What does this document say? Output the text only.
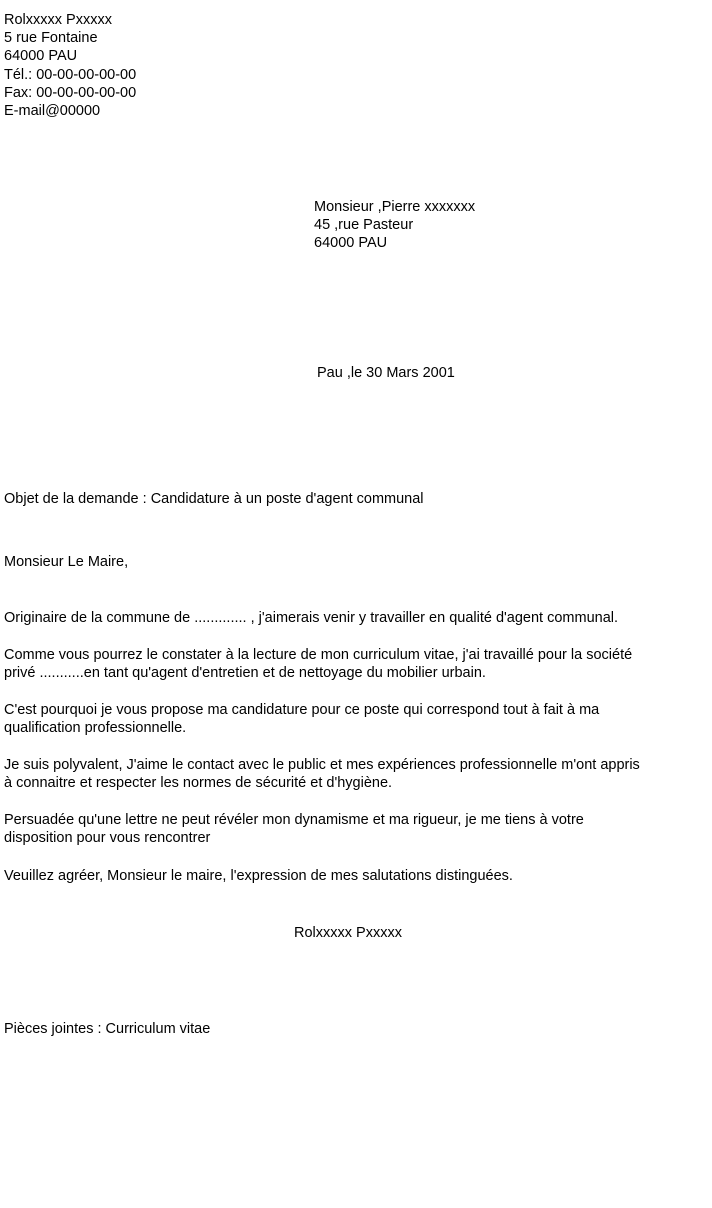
Rolxxxxx Pxxxxx
5 rue Fontaine
64000 PAU
Tél.: 00-00-00-00-00
Fax: 00-00-00-00-00
E-mail@00000
Monsieur ,Pierre xxxxxxx
45 ,rue Pasteur
64000 PAU
Pau ,le 30 Mars 2001
Objet de la demande : Candidature à un poste d'agent communal
Monsieur Le Maire,
Originaire de la commune de ............. , j'aimerais venir y travailler en qualité d'agent communal.
Comme vous pourrez le constater à la lecture de mon curriculum vitae, j'ai travaillé pour la société
privé ...........en tant qu'agent d'entretien et de nettoyage du mobilier urbain.
C'est pourquoi je vous propose ma candidature pour ce poste qui correspond tout à fait à ma
qualification professionnelle.
Je suis polyvalent, J'aime le contact avec le public et mes expériences professionnelle m'ont appris
à connaitre et respecter les normes de sécurité et d'hygiène.
Persuadée qu'une lettre ne peut révéler mon dynamisme et ma rigueur, je me tiens à votre
disposition pour vous rencontrer
Veuillez agréer, Monsieur le maire, l'expression de mes salutations distinguées.
Rolxxxxx Pxxxxx
Pièces jointes : Curriculum vitae
